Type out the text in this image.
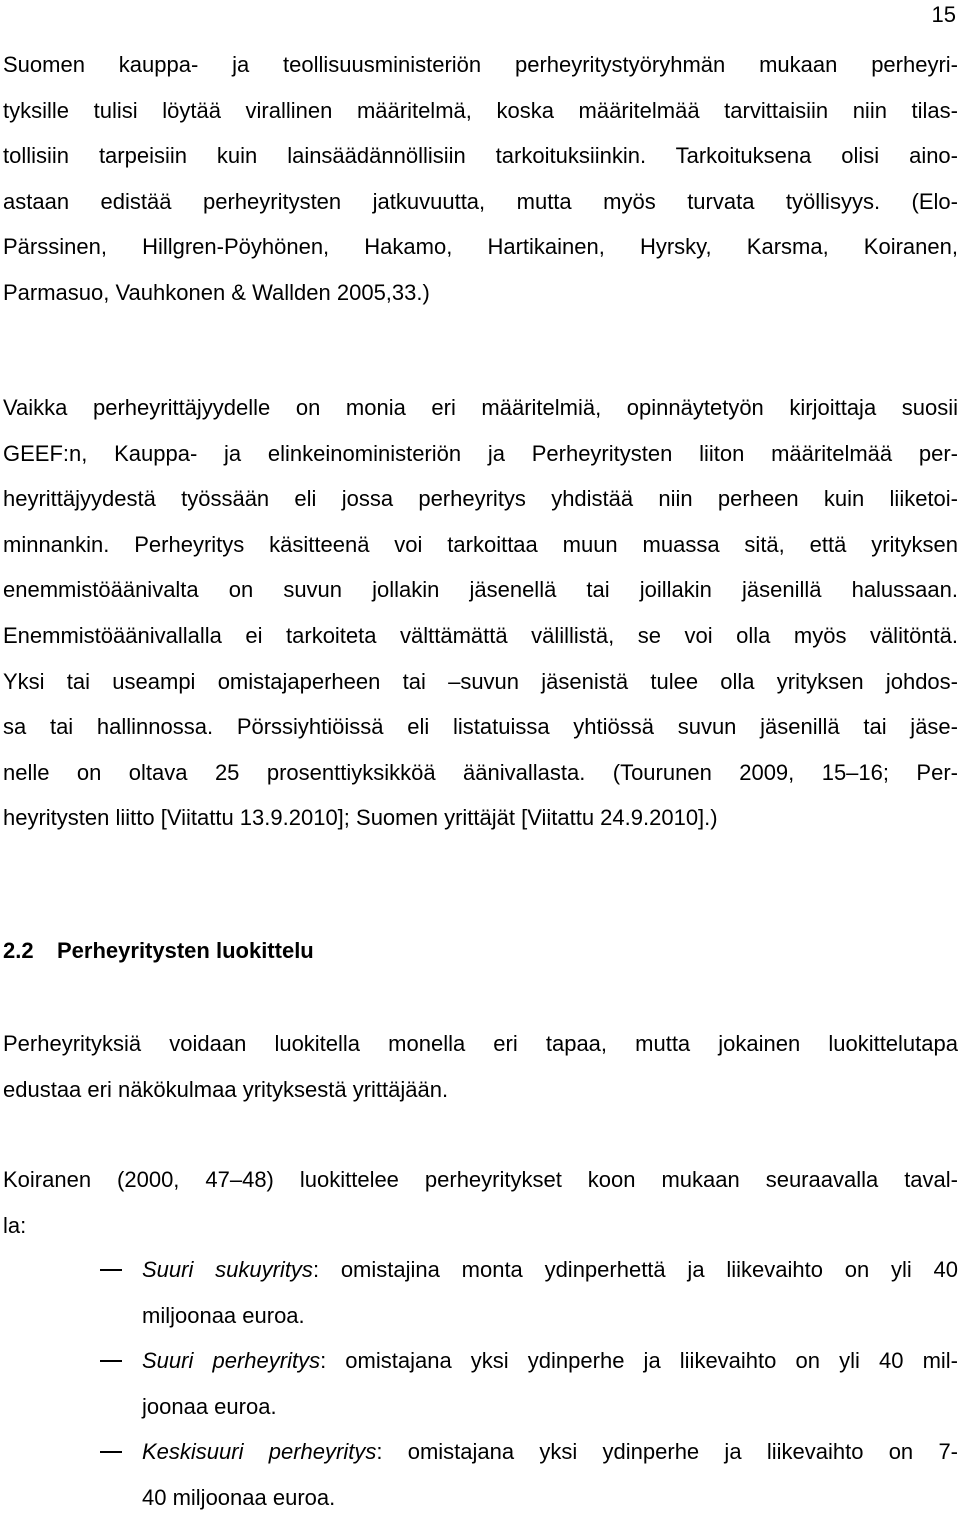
15
Suomen kauppa- ja teollisuusministeriön perheyritystyöryhmän mukaan perheyri-
tyksille tulisi löytää virallinen määritelmä, koska määritelmää tarvittaisiin niin tilas-
tollisiin tarpeisiin kuin lainsäädännöllisiin tarkoituksiinkin. Tarkoituksena olisi aino-
astaan edistää perheyritysten jatkuvuutta, mutta myös turvata työllisyys. (Elo-
Pärssinen, Hillgren-Pöyhönen, Hakamo, Hartikainen, Hyrsky, Karsma, Koiranen,
Parmasuo, Vauhkonen & Wallden 2005,33.)
Vaikka perheyrittäjyydelle on monia eri määritelmiä, opinnäytetyön kirjoittaja suosii
GEEF:n, Kauppa- ja elinkeinoministeriön ja Perheyritysten liiton määritelmää per-
heyrittäjyydestä työssään eli jossa perheyritys yhdistää niin perheen kuin liiketoi-
minnankin. Perheyritys käsitteenä voi tarkoittaa muun muassa sitä, että yrityksen
enemmistöäänivalta on suvun jollakin jäsenellä tai joillakin jäsenillä halussaan.
Enemmistöäänivallalla ei tarkoiteta välttämättä välillistä, se voi olla myös välitöntä.
Yksi tai useampi omistajaperheen tai –suvun jäsenistä tulee olla yrityksen johdos-
sa tai hallinnossa. Pörssiyhtiöissä eli listatuissa yhtiössä suvun jäsenillä tai jäse-
nelle on oltava 25 prosenttiyksikköä äänivallasta. (Tourunen 2009, 15–16; Per-
heyritysten liitto [Viitattu 13.9.2010]; Suomen yrittäjät [Viitattu 24.9.2010].)
2.2 Perheyritysten luokittelu
Perheyrityksiä voidaan luokitella monella eri tapaa, mutta jokainen luokittelutapa
edustaa eri näkökulmaa yrityksestä yrittäjään.
Koiranen (2000, 47–48) luokittelee perheyritykset koon mukaan seuraavalla taval-
la:
Suuri sukuyritys: omistajina monta ydinperhettä ja liikevaihto on yli 40
miljoonaa euroa.
Suuri perheyritys: omistajana yksi ydinperhe ja liikevaihto on yli 40 mil-
joonaa euroa.
Keskisuuri perheyritys: omistajana yksi ydinperhe ja liikevaihto on 7-
40 miljoonaa euroa.
